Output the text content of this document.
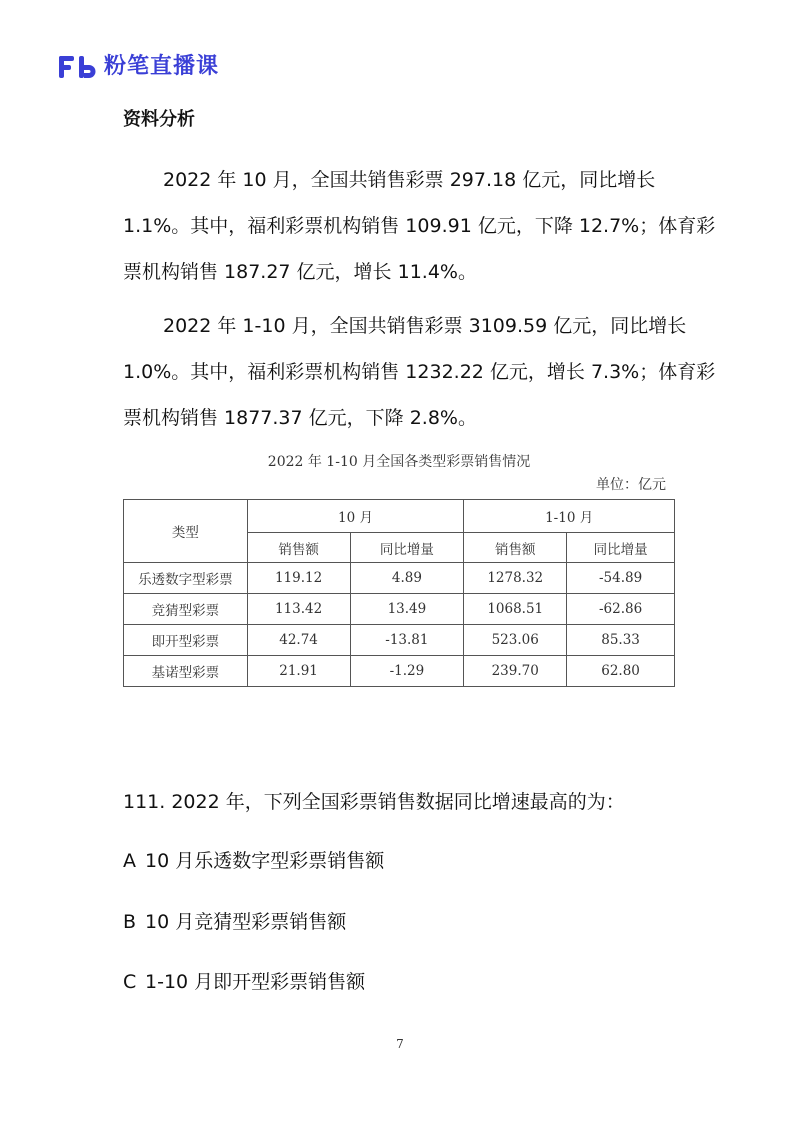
粉笔直播课
资料分析
2022 年 10 月，全国共销售彩票 297.18 亿元，同比增长
1.1%。其中，福利彩票机构销售 109.91 亿元，下降 12.7%；体育彩
票机构销售 187.27 亿元，增长 11.4%。
2022 年 1-10 月，全国共销售彩票 3109.59 亿元，同比增长
1.0%。其中，福利彩票机构销售 1232.22 亿元，增长 7.3%；体育彩
票机构销售 1877.37 亿元，下降 2.8%。
2022 年 1-10 月全国各类型彩票销售情况
单位：亿元
类型	10 月		1-10 月	
	销售额	同比增量	销售额	同比增量
乐透数字型彩票	119.12	4.89	1278.32	-54.89
竞猜型彩票	113.42	13.49	1068.51	-62.86
即开型彩票	42.74	-13.81	523.06	85.33
基诺型彩票	21.91	-1.29	239.70	62.80

111. 2022 年，下列全国彩票销售数据同比增速最高的为：

A 10 月乐透数字型彩票销售额
B 10 月竞猜型彩票销售额
C 1-10 月即开型彩票销售额
7
